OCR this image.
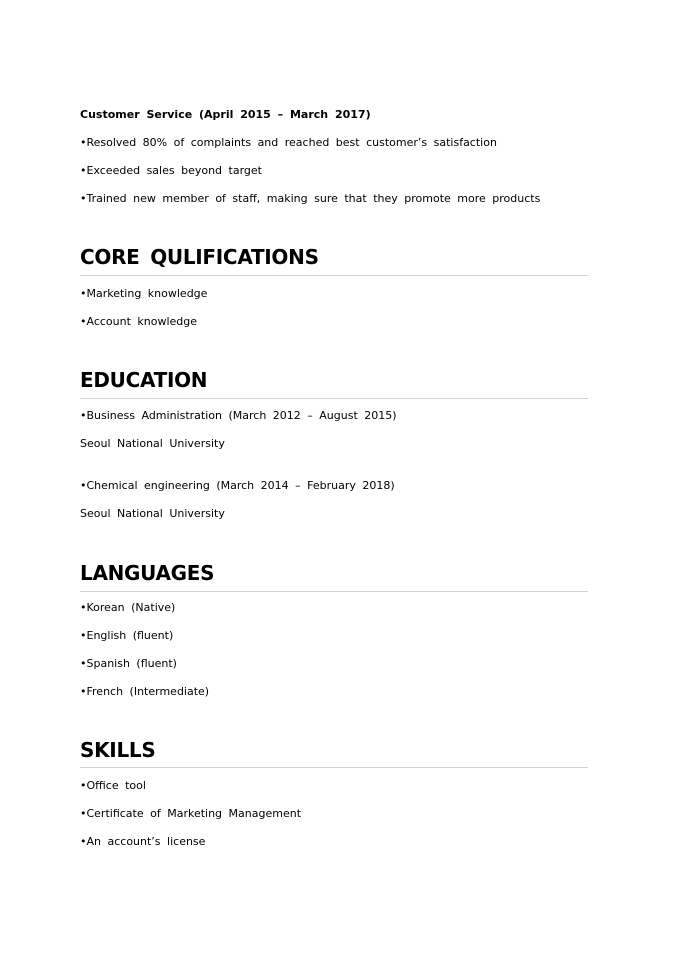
Customer Service (April 2015 – March 2017)
•Resolved 80% of complaints and reached best customer’s satisfaction
•Exceeded sales beyond target
•Trained new member of staff, making sure that they promote more products
CORE QULIFICATIONS
•Marketing knowledge
•Account knowledge
EDUCATION
•Business Administration (March 2012 – August 2015)
Seoul National University
•Chemical engineering (March 2014 – February 2018)
Seoul National University
LANGUAGES
•Korean (Native)
•English (fluent)
•Spanish (fluent)
•French (Intermediate)
SKILLS
•Office tool
•Certificate of Marketing Management
•An account’s license
